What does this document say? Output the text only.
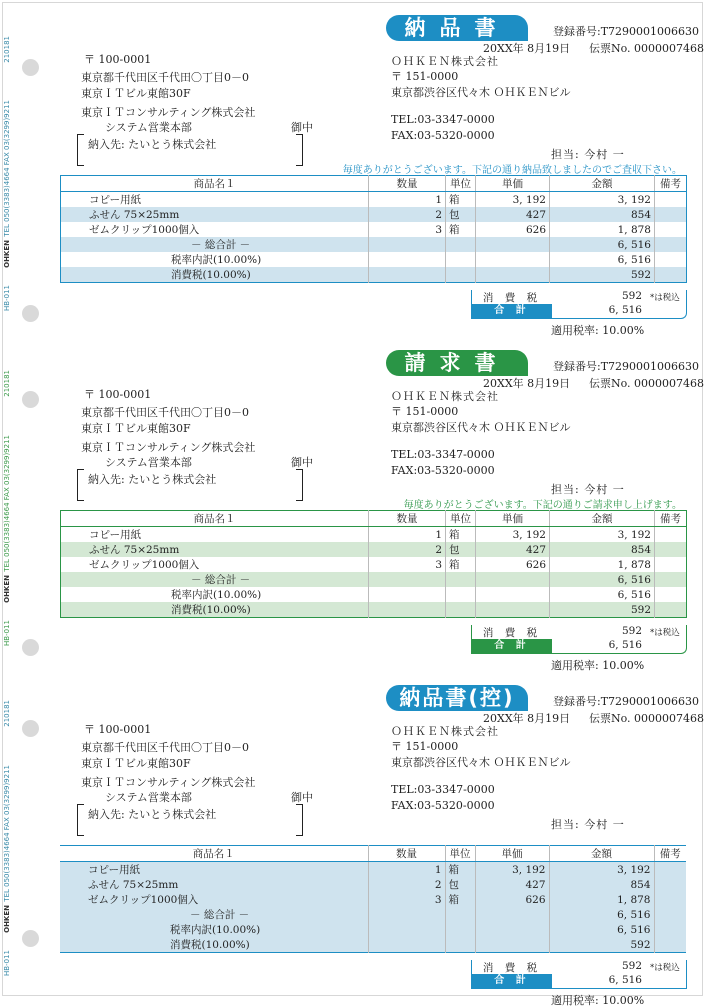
210181
TEL 050(3383)4664 FAX 03(3299)9211
OHKEN
HB-011
210181
TEL 050(3383)4664 FAX 03(3299)9211
OHKEN
HB-011
210181
TEL 050(3383)4664 FAX 03(3299)9211
OHKEN
HB-011
納品書	登録番号:T7290001006630
20XX年 8月19日 伝票No. 0000007468
〒 100-0001
東京都千代田区千代田〇丁目0－0
東京ＩＴビル東館30F
東京ＩＴコンサルティング株式会社
システム営業本部	御中
納入先: たいとう株式会社
ＯＨＫＥＮ株式会社
〒 151-0000
東京都渋谷区代々木 ＯＨＫＥＮビル
TEL:03-3347-0000
FAX:03-5320-0000
担当: 今村 一
毎度ありがとうございます。下記の通り納品致しましたのでご査収下さい。
商品名１	数量	単位	単価	金額	備考
コピー用紙	1	箱	3, 192	3, 192	
ふせん 75×25mm	2	包	427	854	
ゼムクリップ1000個入	3	箱	626	1, 878	
－ 総合計 －				6, 516	
税率内訳(10.00%)				6, 516	
消費税(10.00%)				592	
消 費 税	592 *は税込
合 計	6, 516
適用税率: 10.00%
請求書	登録番号:T7290001006630
20XX年 8月19日 伝票No. 0000007468
〒 100-0001
東京都千代田区千代田〇丁目0－0
東京ＩＴビル東館30F
東京ＩＴコンサルティング株式会社
システム営業本部	御中
納入先: たいとう株式会社
ＯＨＫＥＮ株式会社
〒 151-0000
東京都渋谷区代々木 ＯＨＫＥＮビル
TEL:03-3347-0000
FAX:03-5320-0000
担当: 今村 一
毎度ありがとうございます。下記の通りご請求申し上げます。
商品名１	数量	単位	単価	金額	備考
コピー用紙	1	箱	3, 192	3, 192	
ふせん 75×25mm	2	包	427	854	
ゼムクリップ1000個入	3	箱	626	1, 878	
－ 総合計 －				6, 516	
税率内訳(10.00%)				6, 516	
消費税(10.00%)				592	
消 費 税	592 *は税込
合 計	6, 516
適用税率: 10.00%
納品書(控)	登録番号:T7290001006630
20XX年 8月19日 伝票No. 0000007468
〒 100-0001
東京都千代田区千代田〇丁目0－0
東京ＩＴビル東館30F
東京ＩＴコンサルティング株式会社
システム営業本部	御中
納入先: たいとう株式会社
ＯＨＫＥＮ株式会社
〒 151-0000
東京都渋谷区代々木 ＯＨＫＥＮビル
TEL:03-3347-0000
FAX:03-5320-0000
担当: 今村 一
商品名１	数量	単位	単価	金額	備考
コピー用紙	1	箱	3, 192	3, 192	
ふせん 75×25mm	2	包	427	854	
ゼムクリップ1000個入	3	箱	626	1, 878	
－ 総合計 －				6, 516	
税率内訳(10.00%)				6, 516	
消費税(10.00%)				592	
消 費 税	592 *は税込
合 計	6, 516
適用税率: 10.00%
